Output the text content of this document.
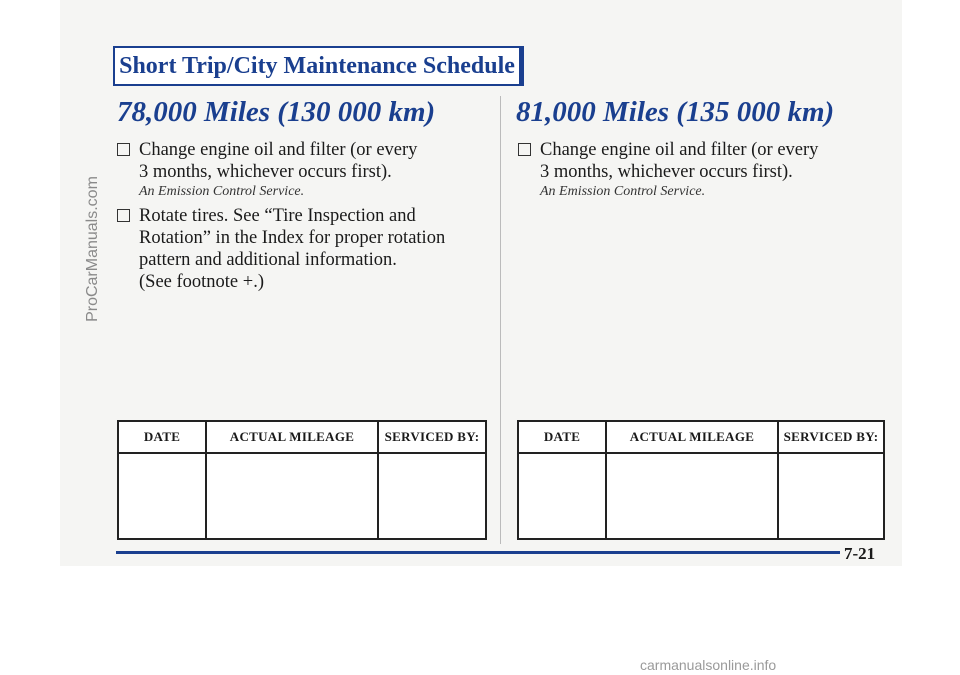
ProCarManuals.com
Short Trip/City Maintenance Schedule
78,000 Miles (130 000 km)
Change engine oil and filter (or every
3 months, whichever occurs first).
An Emission Control Service.
Rotate tires. See “Tire Inspection and
Rotation” in the Index for proper rotation
pattern and additional information.
(See footnote +.)
81,000 Miles (135 000 km)
Change engine oil and filter (or every
3 months, whichever occurs first).
An Emission Control Service.
DATE	ACTUAL MILEAGE	SERVICED BY:	DATE	ACTUAL MILEAGE	SERVICED BY:
7-21
carmanualsonline.info
